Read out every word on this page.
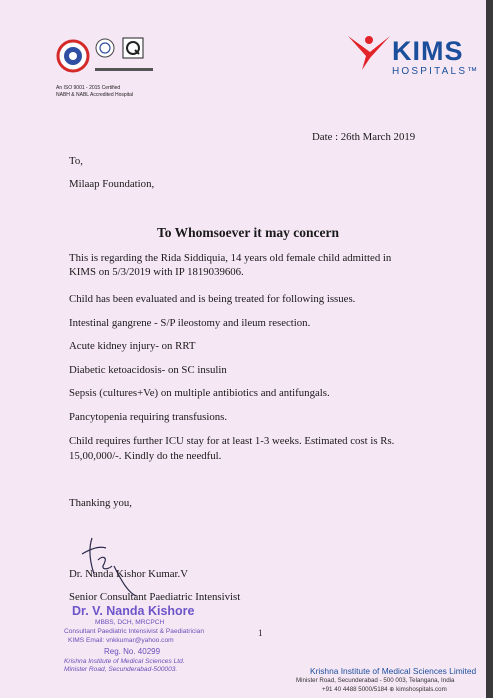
An ISO 9001 - 2015 Certified
NABH & NABL Accredited Hospital
KIMS
HOSPITALS™
Date : 26th March 2019
To,
Milaap Foundation,
To Whomsoever it may concern
This is regarding the Rida Siddiquia, 14 years old female child admitted in
KIMS on 5/3/2019 with IP 1819039606.
Child has been evaluated and is being treated for following issues.
Intestinal gangrene - S/P ileostomy and ileum resection.
Acute kidney injury- on RRT
Diabetic ketoacidosis- on SC insulin
Sepsis (cultures+Ve) on multiple antibiotics and antifungals.
Pancytopenia requiring transfusions.
Child requires further ICU stay for at least 1-3 weeks. Estimated cost is Rs.
15,00,000/-. Kindly do the needful.
Thanking you,
Dr. Nanda Kishor Kumar.V
Senior Consultant Paediatric Intensivist
Dr. V. Nanda Kishore
MBBS, DCH, MRCPCH
Consultant Paediatric Intensivist & Paediatrician
KIMS Email: vnkkumar@yahoo.com
Reg. No. 40299
Krishna Institute of Medical Sciences Ltd.
Minister Road, Secunderabad-500003.
1
Krishna Institute of Medical Sciences Limited
Minister Road, Secunderabad - 500 003, Telangana, India
+91 40 4488 5000/5184 ⊕ kimshospitals.com
